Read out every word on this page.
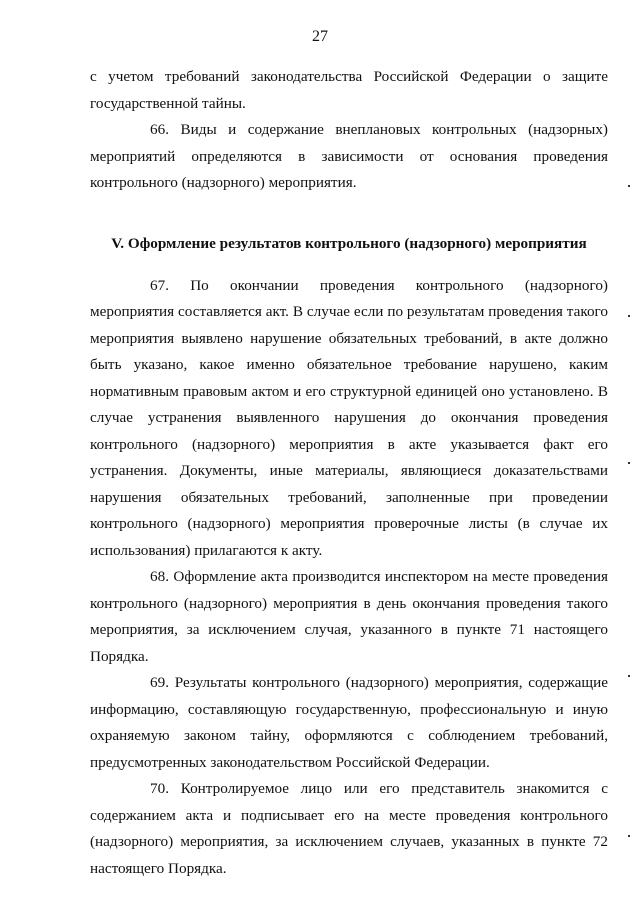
27

с учетом требований законодательства Российской Федерации о защите государственной тайны.

66. Виды и содержание внеплановых контрольных (надзорных) мероприятий определяются в зависимости от основания проведения контрольного (надзорного) мероприятия.

V. Оформление результатов контрольного (надзорного) мероприятия

67. По окончании проведения контрольного (надзорного) мероприятия составляется акт. В случае если по результатам проведения такого мероприятия выявлено нарушение обязательных требований, в акте должно быть указано, какое именно обязательное требование нарушено, каким нормативным правовым актом и его структурной единицей оно установлено. В случае устранения выявленного нарушения до окончания проведения контрольного (надзорного) мероприятия в акте указывается факт его устранения. Документы, иные материалы, являющиеся доказательствами нарушения обязательных требований, заполненные при проведении контрольного (надзорного) мероприятия проверочные листы (в случае их использования) прилагаются к акту.

68. Оформление акта производится инспектором на месте проведения контрольного (надзорного) мероприятия в день окончания проведения такого мероприятия, за исключением случая, указанного в пункте 71 настоящего Порядка.

69. Результаты контрольного (надзорного) мероприятия, содержащие информацию, составляющую государственную, профессиональную и иную охраняемую законом тайну, оформляются с соблюдением требований, предусмотренных законодательством Российской Федерации.

70. Контролируемое лицо или его представитель знакомится с содержанием акта и подписывает его на месте проведения контрольного (надзорного) мероприятия, за исключением случаев, указанных в пункте 72 настоящего Порядка.
